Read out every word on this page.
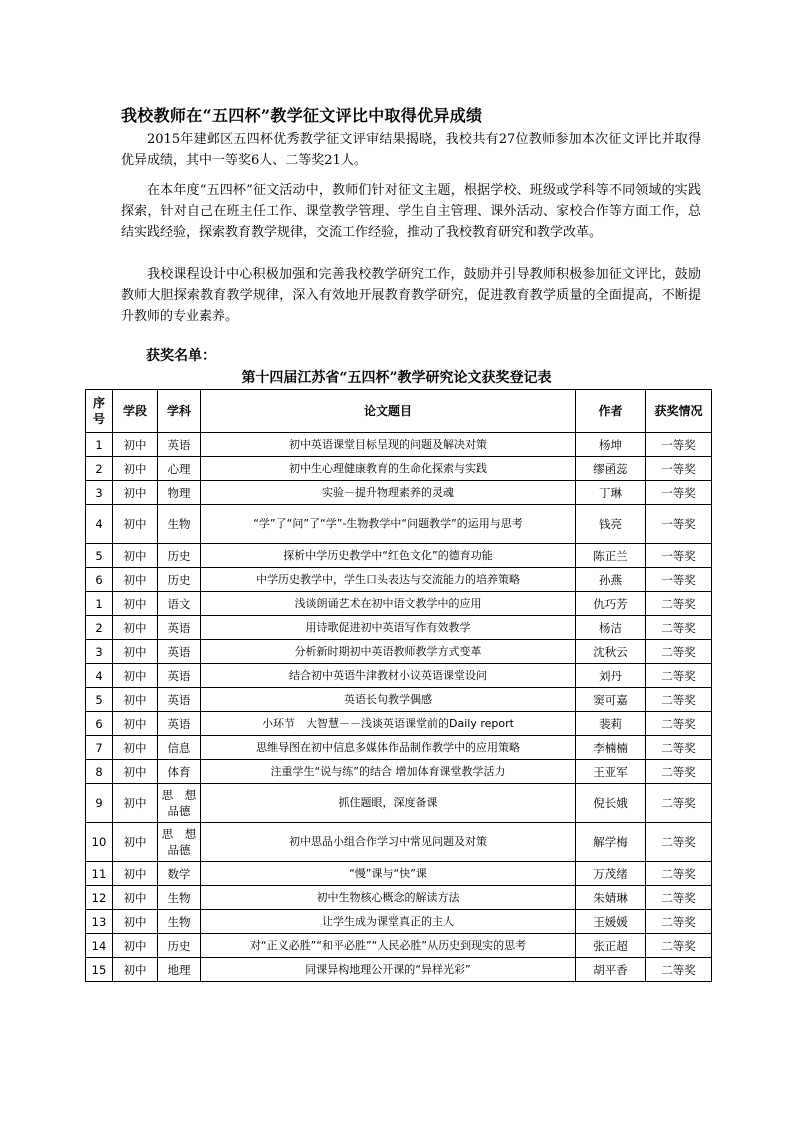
我校教师在“五四杯”教学征文评比中取得优异成绩

2015年建邺区五四杯优秀教学征文评审结果揭晓，我校共有27位教师参加本次征文评比并取得优异成绩，其中一等奖6人、二等奖21人。

在本年度“五四杯”征文活动中，教师们针对征文主题，根据学校、班级或学科等不同领域的实践探索，针对自己在班主任工作、课堂教学管理、学生自主管理、课外活动、家校合作等方面工作，总结实践经验，探索教育教学规律，交流工作经验，推动了我校教育研究和教学改革。

我校课程设计中心积极加强和完善我校教学研究工作，鼓励并引导教师积极参加征文评比，鼓励教师大胆探索教育教学规律，深入有效地开展教育教学研究，促进教育教学质量的全面提高，不断提升教师的专业素养。

获奖名单：
第十四届江苏省“五四杯”教学研究论文获奖登记表
序号	学段	学科	论文题目	作者	获奖情况
1	初中	英语	初中英语课堂目标呈现的问题及解决对策	杨坤	一等奖
2	初中	心理	初中生心理健康教育的生命化探索与实践	缪函蕊	一等奖
3	初中	物理	实验－提升物理素养的灵魂	丁琳	一等奖
4	初中	生物	“学”了“问”了“学”-生物教学中“问题教学”的运用与思考	钱亮	一等奖
5	初中	历史	探析中学历史教学中“红色文化”的德育功能	陈正兰	一等奖
6	初中	历史	中学历史教学中，学生口头表达与交流能力的培养策略	孙燕	一等奖
1	初中	语文	浅谈朗诵艺术在初中语文教学中的应用	仇巧芳	二等奖
2	初中	英语	用诗歌促进初中英语写作有效教学	杨洁	二等奖
3	初中	英语	分析新时期初中英语教师教学方式变革	沈秋云	二等奖
4	初中	英语	结合初中英语牛津教材小议英语课堂设问	刘丹	二等奖
5	初中	英语	英语长句教学偶感	窦可嘉	二等奖
6	初中	英语	小环节　大智慧－－浅谈英语课堂前的Daily report	裴莉	二等奖
7	初中	信息	思维导图在初中信息多媒体作品制作教学中的应用策略	李楠楠	二等奖
8	初中	体育	注重学生“说与练”的结合 增加体育课堂教学活力	王亚军	二等奖
9	初中	思　想 品德	抓住题眼，深度备课	倪长娥	二等奖
10	初中	思　想 品德	初中思品小组合作学习中常见问题及对策	解学梅	二等奖
11	初中	数学	“慢”课与“快”课	万茂绪	二等奖
12	初中	生物	初中生物核心概念的解读方法	朱婧琳	二等奖
13	初中	生物	让学生成为课堂真正的主人	王媛媛	二等奖
14	初中	历史	对“正义必胜”“和平必胜”“人民必胜”从历史到现实的思考	张正超	二等奖
15	初中	地理	同课异构地理公开课的“异样光彩”	胡平香	二等奖
